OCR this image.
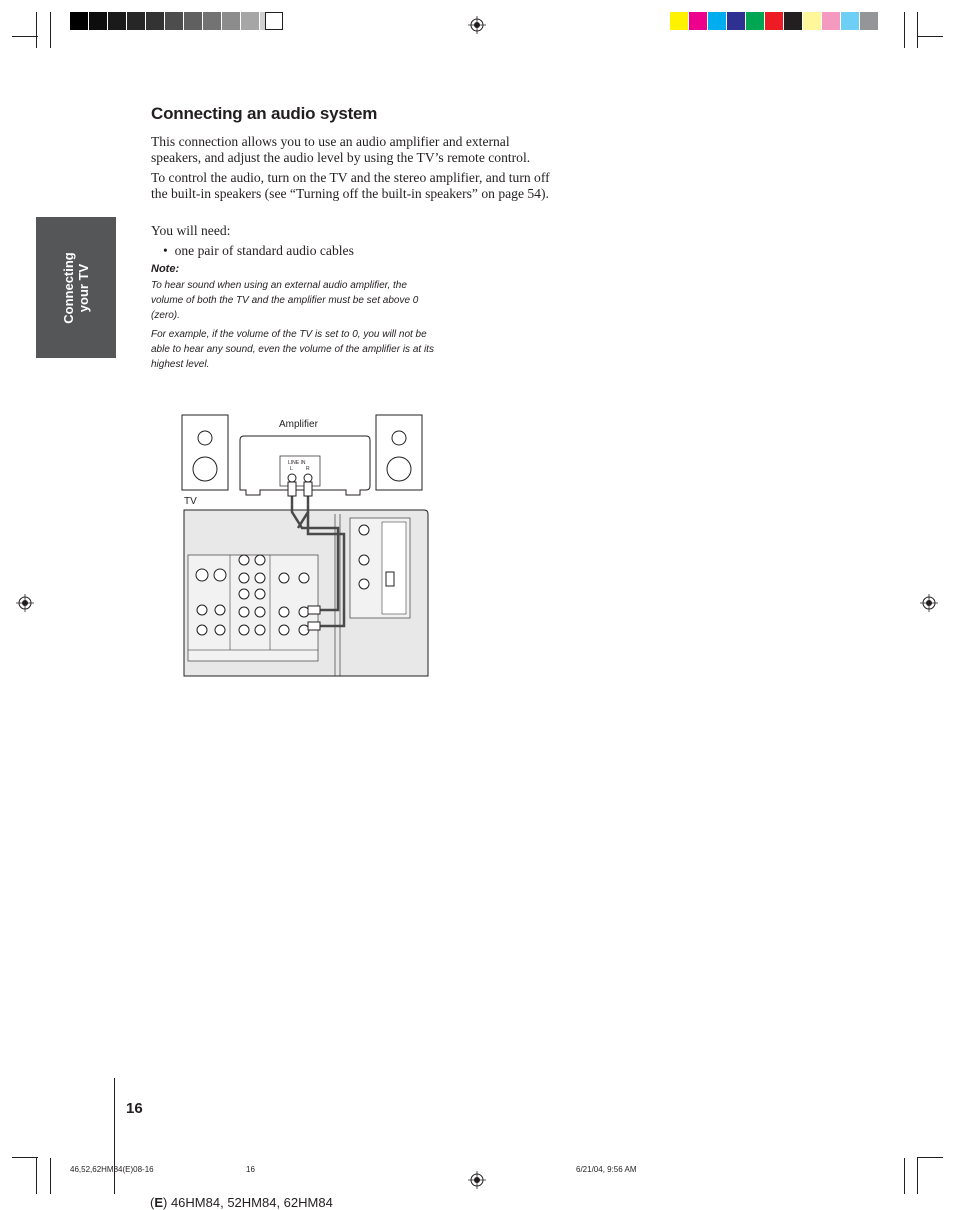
Connecting your TV
Connecting an audio system
This connection allows you to use an audio amplifier and external speakers, and adjust the audio level by using the TV’s remote control.
To control the audio, turn on the TV and the stereo amplifier, and turn off the built-in speakers (see “Turning off the built-in speakers” on page 54).
You will need:
•  one pair of standard audio cables
Note:
To hear sound when using an external audio amplifier, the volume of both the TV and the amplifier must be set above 0 (zero).
For example, if the volume of the TV is set to 0, you will not be able to hear any sound, even the volume of the amplifier is at its highest level.
Amplifier
LINE IN
L	R
TV
16
46,52,62HM84(E)08-16	16	6/21/04, 9:56 AM
(E) 46HM84, 52HM84, 62HM84
